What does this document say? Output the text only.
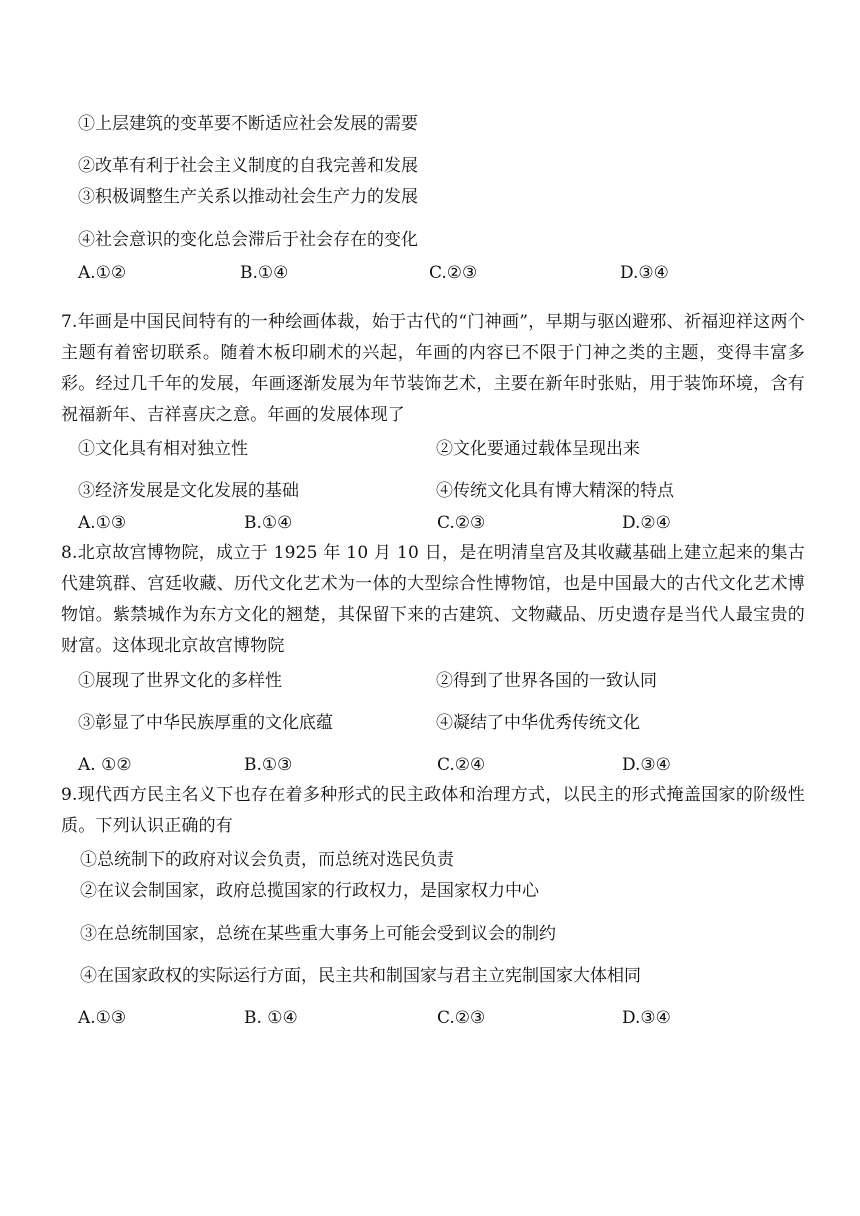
①上层建筑的变革要不断适应社会发展的需要
②改革有利于社会主义制度的自我完善和发展
③积极调整生产关系以推动社会生产力的发展
④社会意识的变化总会滞后于社会存在的变化
A.①②	B.①④	C.②③	D.③④
7.年画是中国民间特有的一种绘画体裁，始于古代的“门神画”，早期与驱凶避邪、祈福迎祥这两个主题有着密切联系。随着木板印刷术的兴起，年画的内容已不限于门神之类的主题，变得丰富多彩。经过几千年的发展，年画逐渐发展为年节装饰艺术，主要在新年时张贴，用于装饰环境，含有祝福新年、吉祥喜庆之意。年画的发展体现了
①文化具有相对独立性	②文化要通过载体呈现出来
③经济发展是文化发展的基础	④传统文化具有博大精深的特点
A.①③	B.①④	C.②③	D.②④
8.北京故宫博物院，成立于 1925 年 10 月 10 日，是在明清皇宫及其收藏基础上建立起来的集古代建筑群、宫廷收藏、历代文化艺术为一体的大型综合性博物馆，也是中国最大的古代文化艺术博物馆。紫禁城作为东方文化的翘楚，其保留下来的古建筑、文物藏品、历史遗存是当代人最宝贵的财富。这体现北京故宫博物院
①展现了世界文化的多样性	②得到了世界各国的一致认同
③彰显了中华民族厚重的文化底蕴	④凝结了中华优秀传统文化
A. ①②	B.①③	C.②④	D.③④
9.现代西方民主名义下也存在着多种形式的民主政体和治理方式，以民主的形式掩盖国家的阶级性质。下列认识正确的有
①总统制下的政府对议会负责，而总统对选民负责
②在议会制国家，政府总揽国家的行政权力，是国家权力中心
③在总统制国家，总统在某些重大事务上可能会受到议会的制约
④在国家政权的实际运行方面，民主共和制国家与君主立宪制国家大体相同
A.①③	B. ①④	C.②③	D.③④
